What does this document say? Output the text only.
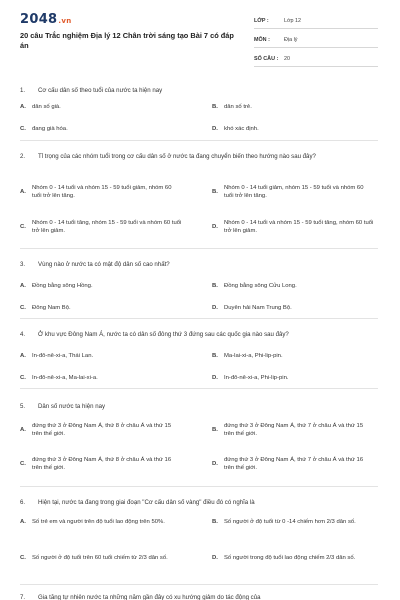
2048.vn
20 câu Trắc nghiệm Địa lý 12 Chân trời sáng tạo Bài 7 có đáp án
LỚP :	Lớp 12
MÔN :	Địa lý
SỐ CÂU :	20
1.	Cơ cấu dân số theo tuổi của nước ta hiện nay
A.	dân số già.	B.	dân số trẻ.
C.	đang già hóa.	D.	khó xác định.
2.	Tỉ trọng của các nhóm tuổi trong cơ cấu dân số ở nước ta đang chuyển biến theo hướng nào sau đây?
A.
Nhóm 0 - 14 tuổi và nhóm 15 - 59 tuổi giảm, nhóm 60 tuổi trở lên tăng.
B.
Nhóm 0 - 14 tuổi giảm, nhóm 15 - 59 tuổi và nhóm 60 tuổi trở lên tăng.
C.
Nhóm 0 - 14 tuổi tăng, nhóm 15 - 59 tuổi và nhóm 60 tuổi trở lên giảm.
D.
Nhóm 0 - 14 tuổi và nhóm 15 - 59 tuổi tăng, nhóm 60 tuổi trở lên giảm.
3.	Vùng nào ở nước ta có mật độ dân số cao nhất?
A.	Đồng bằng sông Hồng.	B.	Đồng bằng sông Cửu Long.
C.	Đông Nam Bộ.	D.	Duyên hải Nam Trung Bộ.
4.	Ở khu vực Đông Nam Á, nước ta có dân số đông thứ 3 đứng sau các quốc gia nào sau đây?
A.	In-đô-nê-xi-a, Thái Lan.	B.	Ma-lai-xi-a, Phi-lip-pin.
C.	In-đô-nê-xi-a, Ma-lai-xi-a.	D.	In-đô-nê-xi-a, Phi-lip-pin.
5.	Dân số nước ta hiện nay
A.
đứng thứ 3 ở Đông Nam Á, thứ 8 ở châu Á và thứ 15 trên thế giới.
B.
đứng thứ 3 ở Đông Nam Á, thứ 7 ở châu Á và thứ 15 trên thế giới.
C.
đứng thứ 3 ở Đông Nam Á, thứ 8 ở châu Á và thứ 16 trên thế giới.
D.
đứng thứ 3 ở Đông Nam Á, thứ 7 ở châu Á và thứ 16 trên thế giới.
6.	Hiện tại, nước ta đang trong giai đoạn "Cơ cấu dân số vàng" điều đó có nghĩa là
A.	Số trẻ em và người trên độ tuổi lao động trên 50%.	B.	Số người ở độ tuổi từ 0 -14 chiếm hơn 2/3 dân số.
C.	Số người ở độ tuổi trên 60 tuổi chiếm từ 2/3 dân số.	D.	Số người trong độ tuổi lao động chiếm 2/3 dân số.
7.	Gia tăng tự nhiên nước ta những năm gần đây có xu hướng giảm do tác động của
